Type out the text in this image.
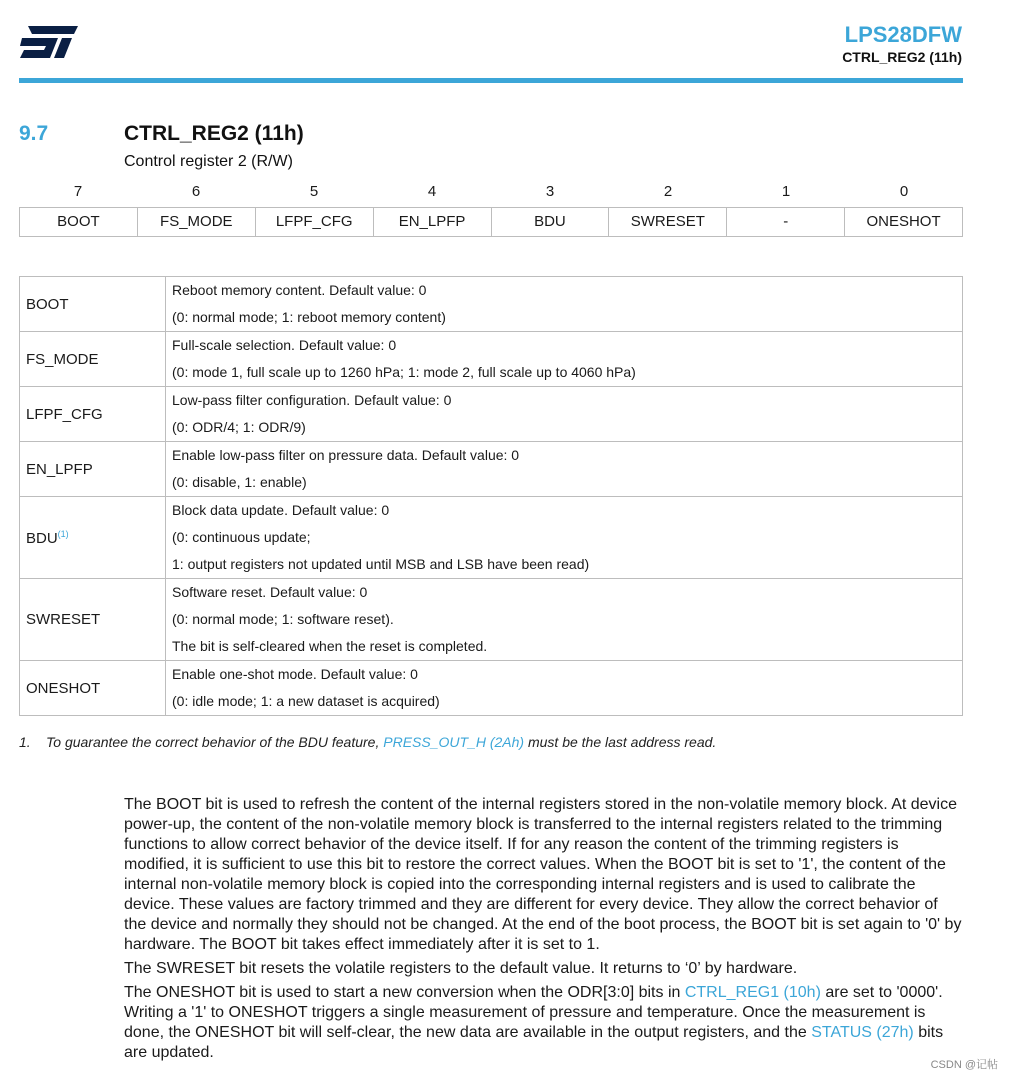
LPS28DFW
CTRL_REG2 (11h)
9.7	CTRL_REG2 (11h)
Control register 2 (R/W)
7	6	5	4	3	2	1	0
BOOT	FS_MODE	LFPF_CFG	EN_LPFP	BDU	SWRESET	-	ONESHOT
BOOT	Reboot memory content. Default value: 0
(0: normal mode; 1: reboot memory content)

FS_MODE	Full-scale selection. Default value: 0
(0: mode 1, full scale up to 1260 hPa; 1: mode 2, full scale up to 4060 hPa)

LFPF_CFG	Low-pass filter configuration. Default value: 0
(0: ODR/4; 1: ODR/9)

EN_LPFP	Enable low-pass filter on pressure data. Default value: 0
(0: disable, 1: enable)

BDU$^{(1)}$	Block data update. Default value: 0
(0: continuous update;
1: output registers not updated until MSB and LSB have been read)

SWRESET	Software reset. Default value: 0
(0: normal mode; 1: software reset).
The bit is self-cleared when the reset is completed.

ONESHOT	Enable one-shot mode. Default value: 0
(0: idle mode; 1: a new dataset is acquired)
1. To guarantee the correct behavior of the BDU feature, PRESS_OUT_H (2Ah) must be the last address read.

The BOOT bit is used to refresh the content of the internal registers stored in the non-volatile memory block. At device power-up, the content of the non-volatile memory block is transferred to the internal registers related to the trimming functions to allow correct behavior of the device itself. If for any reason the content of the trimming registers is modified, it is sufficient to use this bit to restore the correct values. When the BOOT bit is set to '1', the content of the internal non-volatile memory block is copied into the corresponding internal registers and is used to calibrate the device. These values are factory trimmed and they are different for every device. They allow the correct behavior of the device and normally they should not be changed. At the end of the boot process, the BOOT bit is set again to '0' by hardware. The BOOT bit takes effect immediately after it is set to 1.

The SWRESET bit resets the volatile registers to the default value. It returns to ‘0’ by hardware.

The ONESHOT bit is used to start a new conversion when the ODR[3:0] bits in CTRL_REG1 (10h) are set to '0000'. Writing a '1' to ONESHOT triggers a single measurement of pressure and temperature. Once the measurement is done, the ONESHOT bit will self-clear, the new data are available in the output registers, and the STATUS (27h) bits are updated.

CSDN @记帖
